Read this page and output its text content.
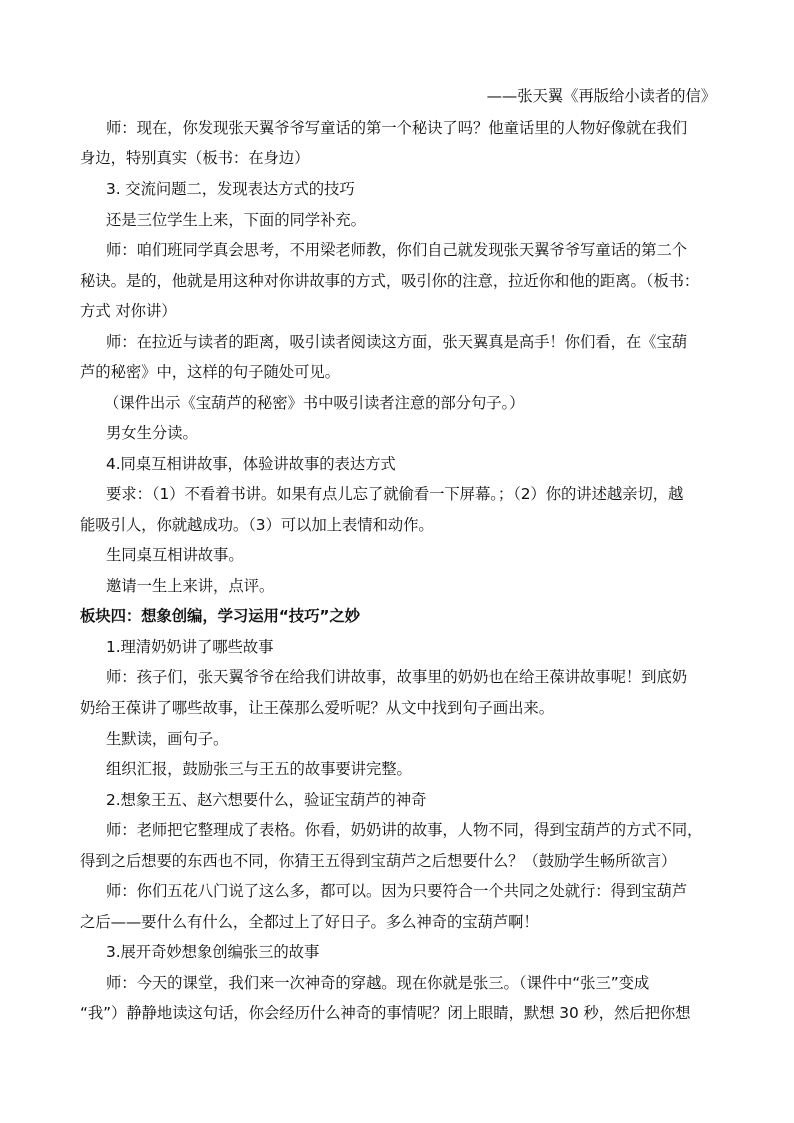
——张天翼《再版给小读者的信》
师：现在，你发现张天翼爷爷写童话的第一个秘诀了吗？他童话里的人物好像就在我们
身边，特别真实（板书：在身边）
3. 交流问题二，发现表达方式的技巧
还是三位学生上来，下面的同学补充。
师：咱们班同学真会思考，不用梁老师教，你们自己就发现张天翼爷爷写童话的第二个
秘诀。是的，他就是用这种对你讲故事的方式，吸引你的注意，拉近你和他的距离。（板书：
方式 对你讲）
师：在拉近与读者的距离，吸引读者阅读这方面，张天翼真是高手！你们看，在《宝葫
芦的秘密》中，这样的句子随处可见。
（课件出示《宝葫芦的秘密》书中吸引读者注意的部分句子。）
男女生分读。
4.同桌互相讲故事，体验讲故事的表达方式
要求：（1）不看着书讲。如果有点儿忘了就偷看一下屏幕。；（2）你的讲述越亲切，越
能吸引人，你就越成功。（3）可以加上表情和动作。
生同桌互相讲故事。
邀请一生上来讲，点评。
板块四：想象创编，学习运用“技巧”之妙
1.理清奶奶讲了哪些故事
师：孩子们，张天翼爷爷在给我们讲故事，故事里的奶奶也在给王葆讲故事呢！到底奶
奶给王葆讲了哪些故事，让王葆那么爱听呢？从文中找到句子画出来。
生默读，画句子。
组织汇报，鼓励张三与王五的故事要讲完整。
2.想象王五、赵六想要什么，验证宝葫芦的神奇
师：老师把它整理成了表格。你看，奶奶讲的故事，人物不同，得到宝葫芦的方式不同，
得到之后想要的东西也不同，你猜王五得到宝葫芦之后想要什么？（鼓励学生畅所欲言）
师：你们五花八门说了这么多，都可以。因为只要符合一个共同之处就行：得到宝葫芦
之后——要什么有什么，全都过上了好日子。多么神奇的宝葫芦啊！
3.展开奇妙想象创编张三的故事
师：今天的课堂，我们来一次神奇的穿越。现在你就是张三。（课件中“张三”变成
“我”）静静地读这句话，你会经历什么神奇的事情呢？闭上眼睛，默想 30 秒，然后把你想
